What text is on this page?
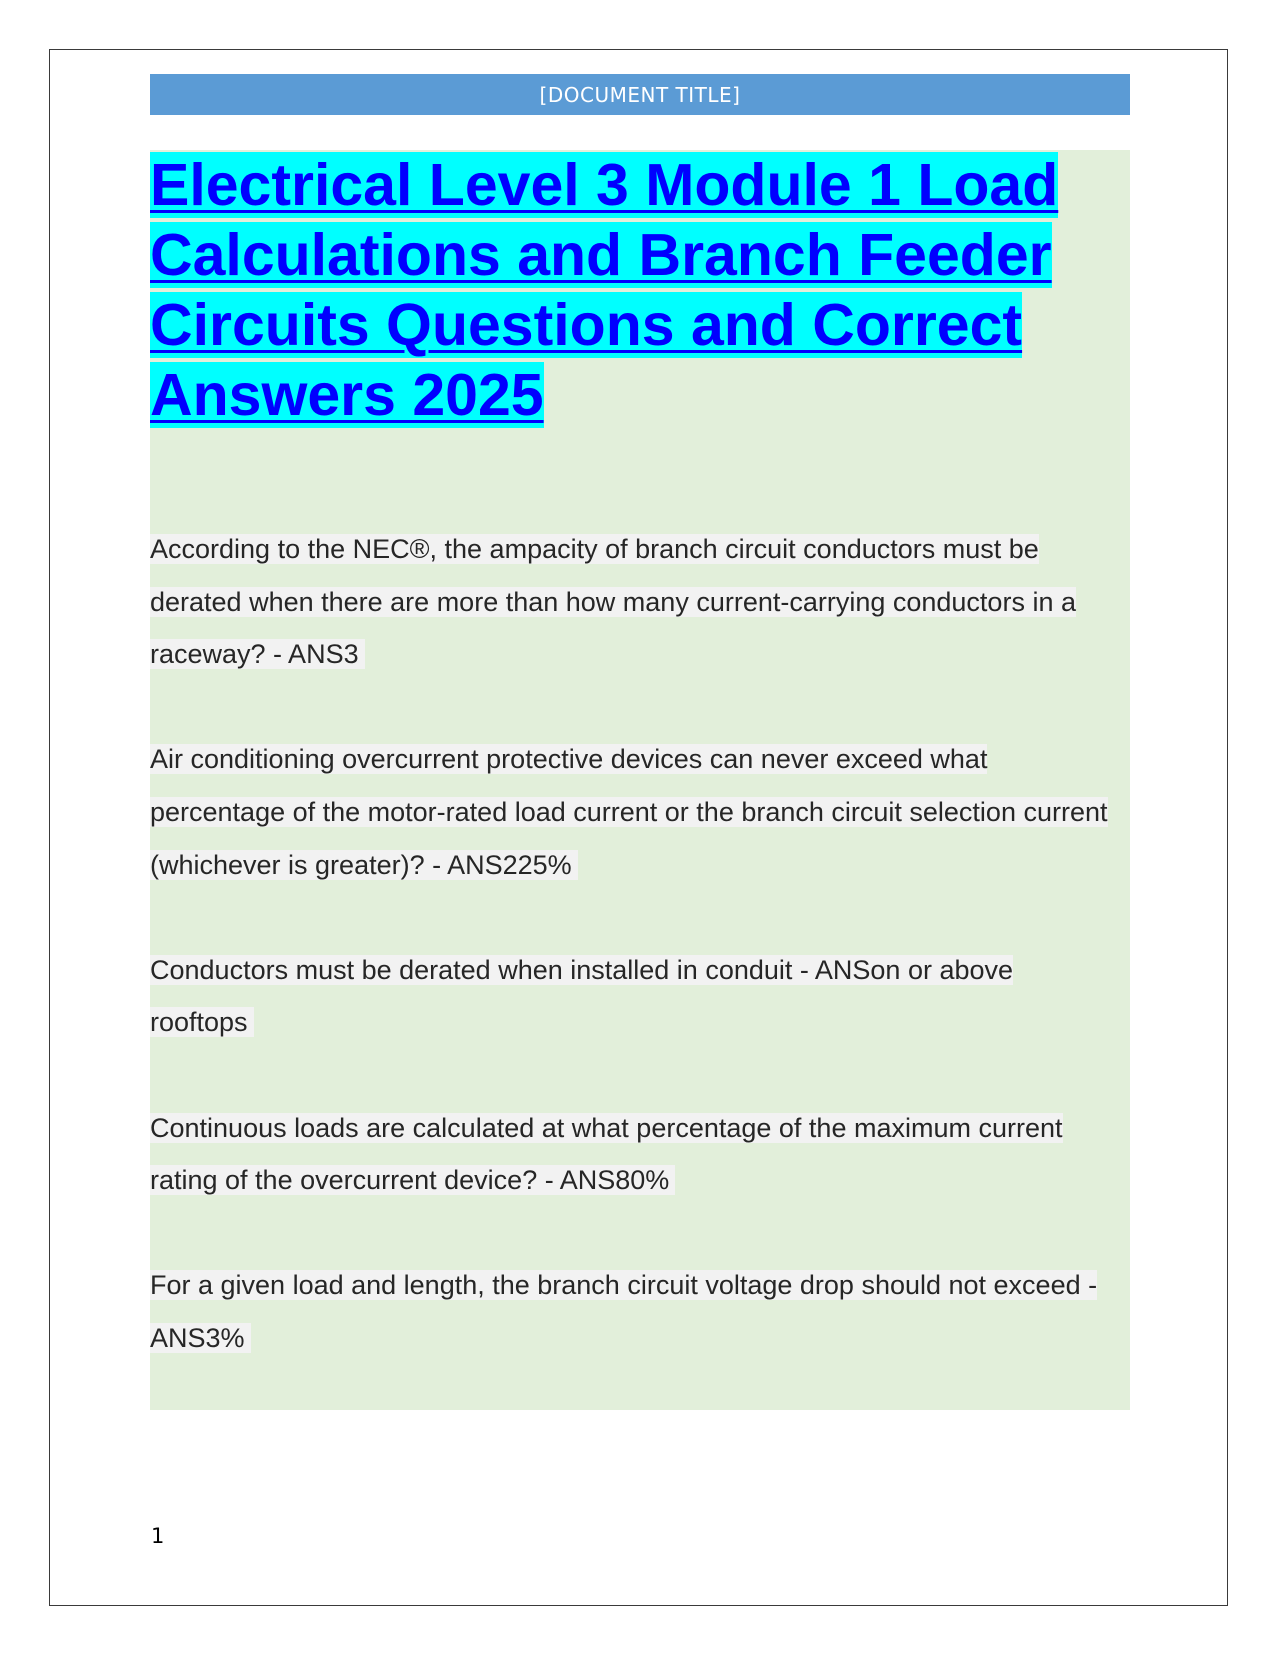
[DOCUMENT TITLE]
Electrical Level 3 Module 1 Load Calculations and Branch Feeder Circuits Questions and Correct Answers 2025

According to the NEC®, the ampacity of branch circuit conductors must be derated when there are more than how many current-carrying conductors in a raceway? - ANS3

Air conditioning overcurrent protective devices can never exceed what percentage of the motor-rated load current or the branch circuit selection current (whichever is greater)? - ANS225%

Conductors must be derated when installed in conduit - ANSon or above rooftops

Continuous loads are calculated at what percentage of the maximum current rating of the overcurrent device? - ANS80%

For a given load and length, the branch circuit voltage drop should not exceed - ANS3%

1
